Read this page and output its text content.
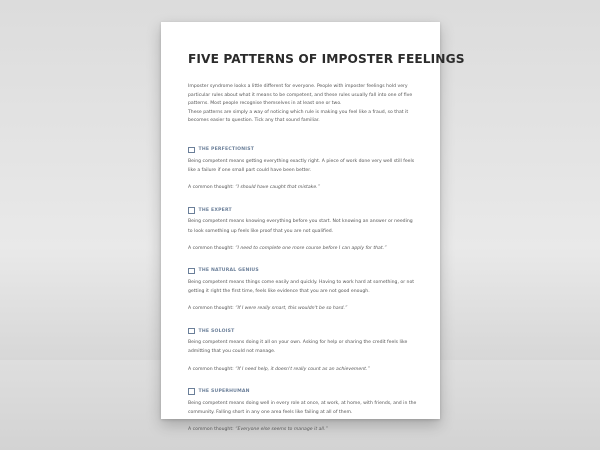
FIVE PATTERNS OF IMPOSTER FEELINGS

Imposter syndrome looks a little different for everyone. People with imposter feelings hold very particular rules about what it means to be competent, and these rules usually fall into one of five patterns. Most people recognise themselves in at least one or two.

These patterns are simply a way of noticing which rule is making you feel like a fraud, so that it becomes easier to question. Tick any that sound familiar.

THE PERFECTIONIST

Being competent means getting everything exactly right. A piece of work done very well still feels like a failure if one small part could have been better.

A common thought: “I should have caught that mistake.”

THE EXPERT

Being competent means knowing everything before you start. Not knowing an answer or needing to look something up feels like proof that you are not qualified.

A common thought: “I need to complete one more course before I can apply for that.”

THE NATURAL GENIUS

Being competent means things come easily and quickly. Having to work hard at something, or not getting it right the first time, feels like evidence that you are not good enough.

A common thought: “If I were really smart, this wouldn't be so hard.”

THE SOLOIST

Being competent means doing it all on your own. Asking for help or sharing the credit feels like admitting that you could not manage.

A common thought: “If I need help, it doesn't really count as an achievement.”

THE SUPERHUMAN

Being competent means doing well in every role at once, at work, at home, with friends, and in the community. Falling short in any one area feels like failing at all of them.

A common thought: “Everyone else seems to manage it all.”
